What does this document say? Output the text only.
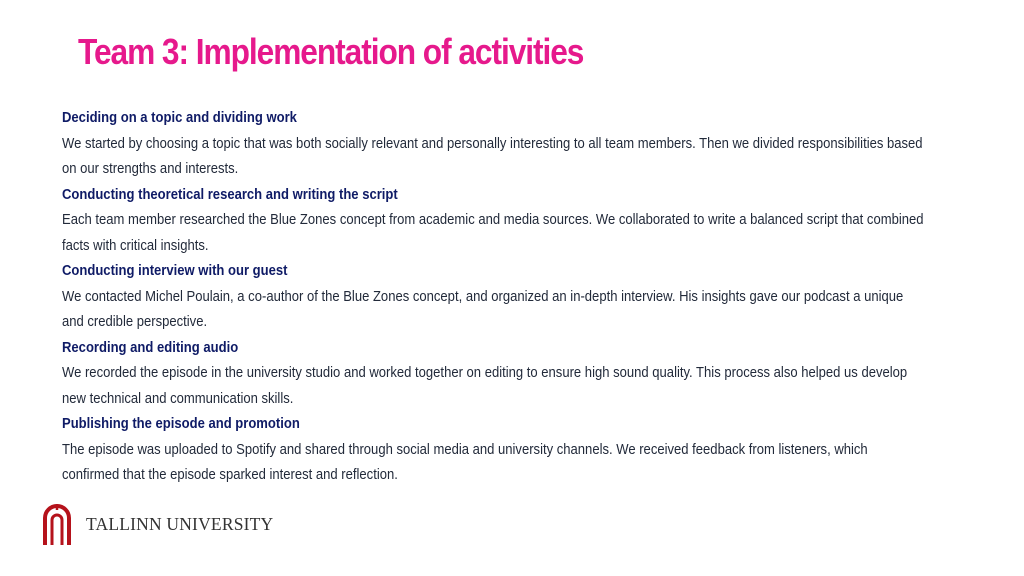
Team 3: Implementation of activities
Deciding on a topic and dividing work
We started by choosing a topic that was both socially relevant and personally interesting to all team members. Then we divided responsibilities based on our strengths and interests.
Conducting theoretical research and writing the script
Each team member researched the Blue Zones concept from academic and media sources. We collaborated to write a balanced script that combined facts with critical insights.
Conducting interview with our guest
We contacted Michel Poulain, a co-author of the Blue Zones concept, and organized an in-depth interview. His insights gave our podcast a unique and credible perspective.
Recording and editing audio
We recorded the episode in the university studio and worked together on editing to ensure high sound quality. This process also helped us develop new technical and communication skills.
Publishing the episode and promotion
The episode was uploaded to Spotify and shared through social media and university channels. We received feedback from listeners, which confirmed that the episode sparked interest and reflection.
TALLINN UNIVERSITY
